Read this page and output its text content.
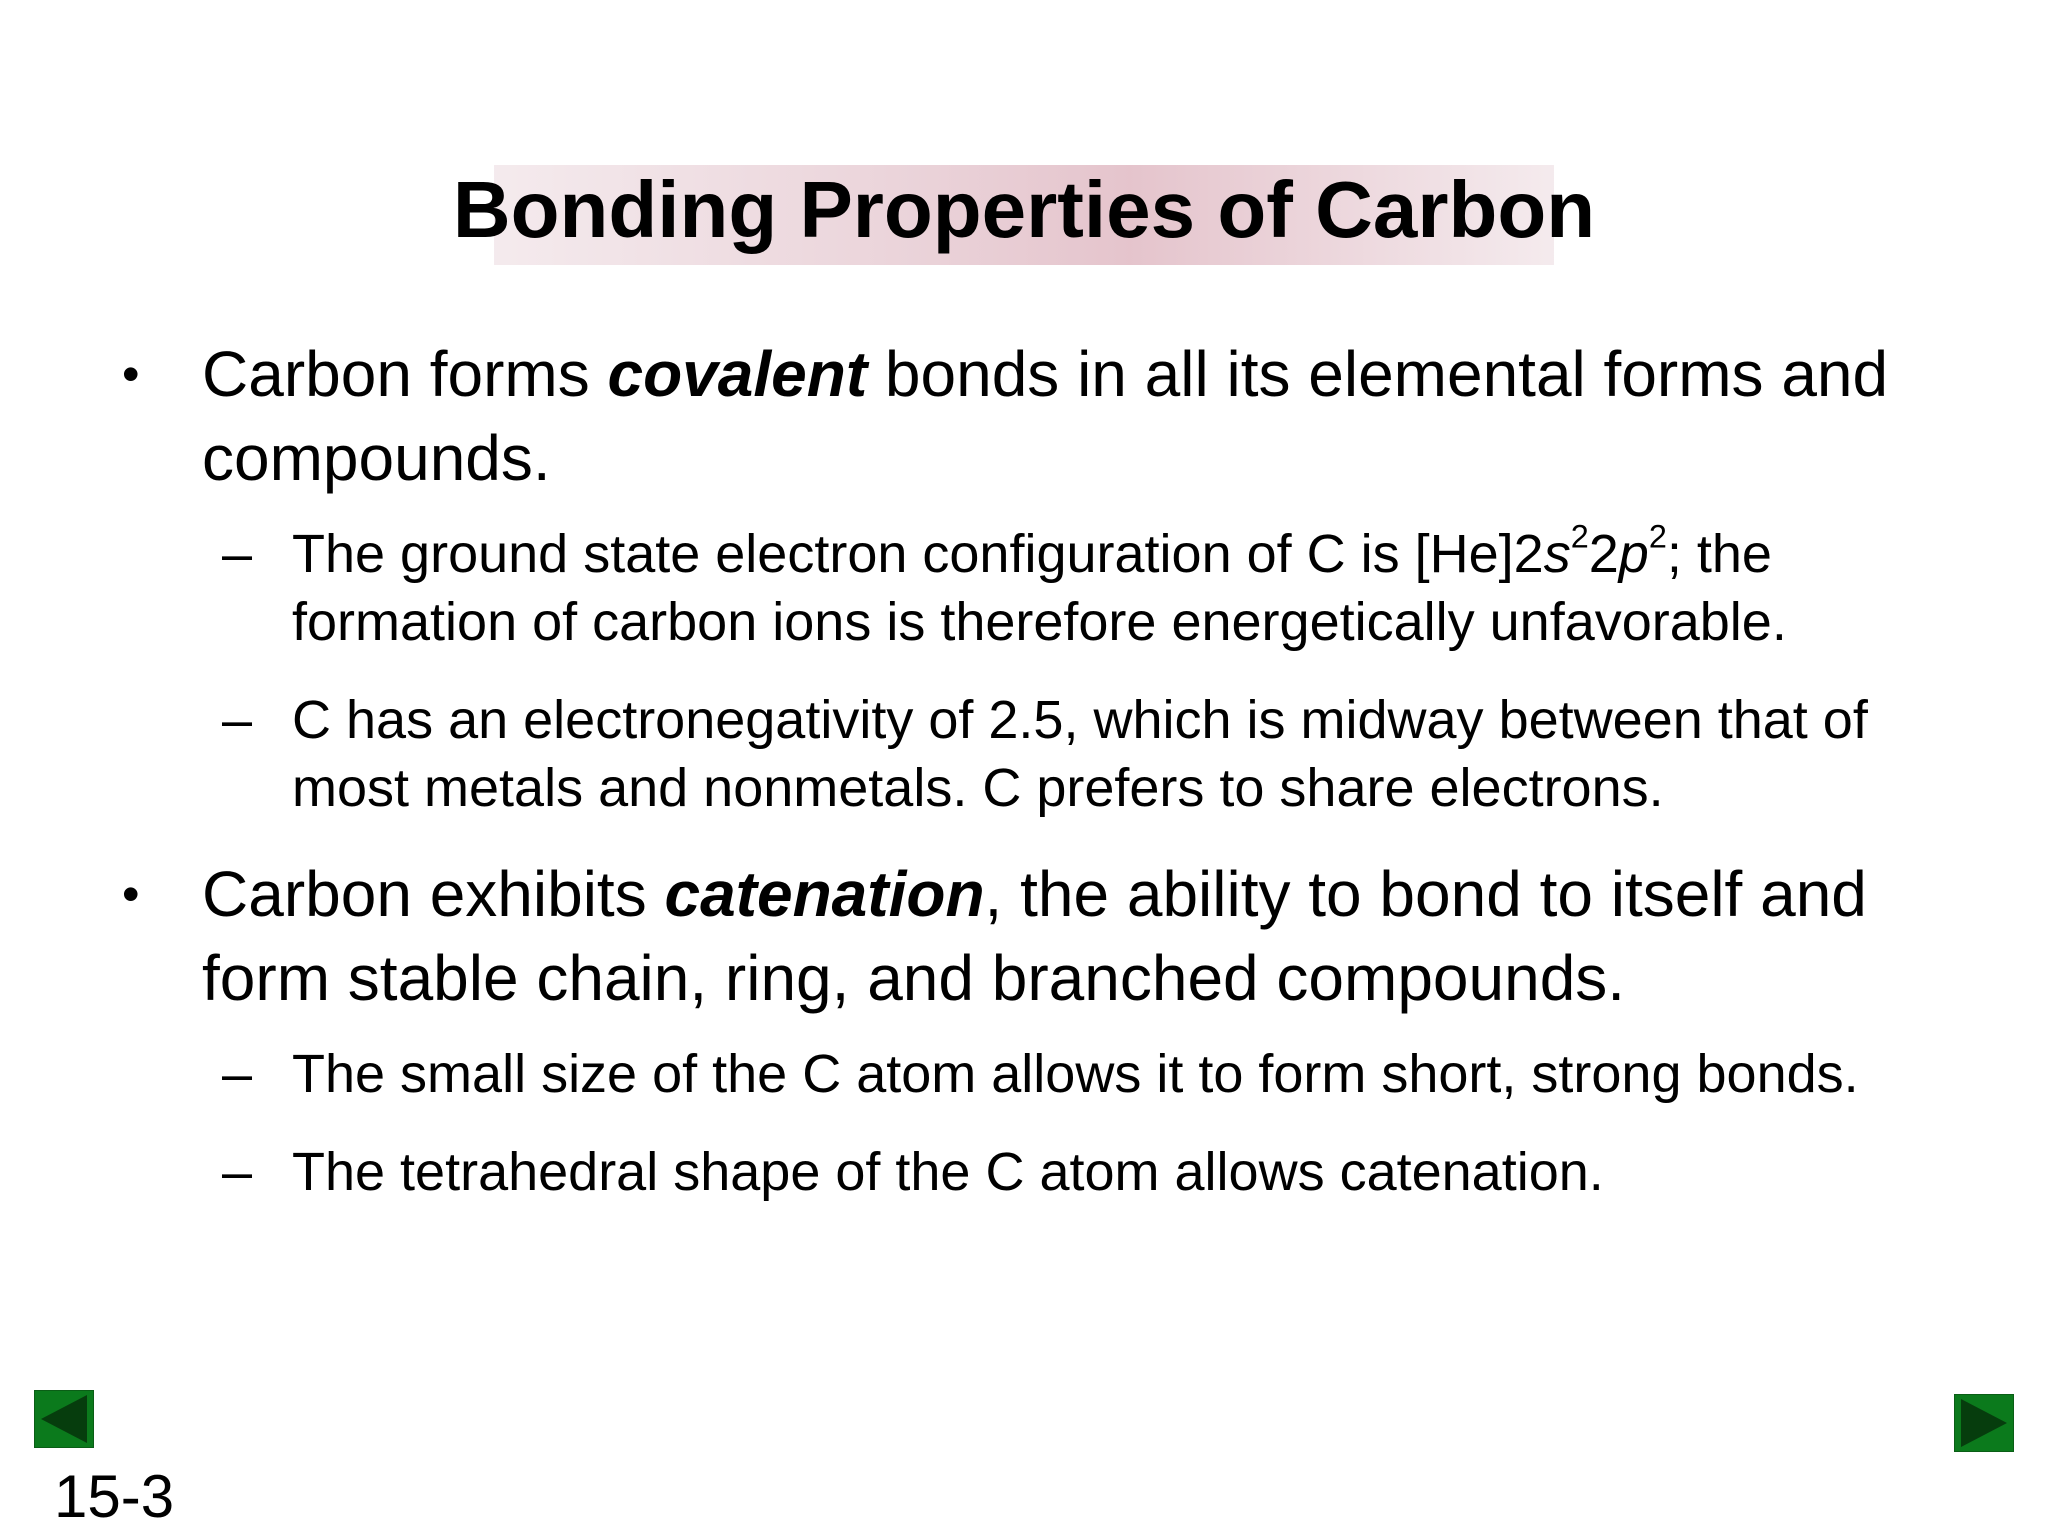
Bonding Properties of Carbon

• Carbon forms covalent bonds in all its elemental forms and compounds.

– The ground state electron configuration of C is $[He]2s^22p^2$; the formation of carbon ions is therefore energetically unfavorable.

– C has an electronegativity of 2.5, which is midway between that of most metals and nonmetals. C prefers to share electrons.

• Carbon exhibits catenation, the ability to bond to itself and form stable chain, ring, and branched compounds.

– The small size of the C atom allows it to form short, strong bonds.

– The tetrahedral shape of the C atom allows catenation.

15-3
